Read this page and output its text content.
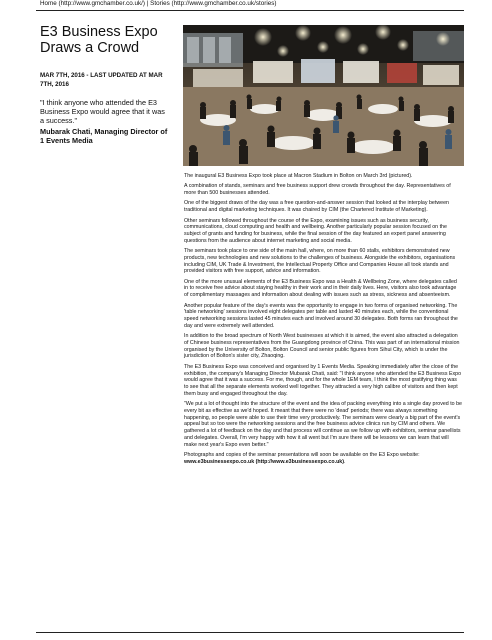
Home (http://www.gmchamber.co.uk/) | Stories (http://www.gmchamber.co.uk/stories)
E3 Business Expo Draws a Crowd
MAR 7TH, 2016 - LAST UPDATED AT MAR 7TH, 2016
"I think anyone who attended the E3 Business Expo would agree that it was a success."
Mubarak Chati, Managing Director of 1 Events Media

The inaugural E3 Business Expo took place at Macron Stadium in Bolton on March 3rd (pictured).

A combination of stands, seminars and free business support drew crowds throughout the day. Representatives of more than 500 businesses attended.

One of the biggest draws of the day was a free question-and-answer session that looked at the interplay between traditional and digital marketing techniques. It was chaired by CIM (the Chartered Institute of Marketing).

Other seminars followed throughout the course of the Expo, examining issues such as business security, communications, cloud computing and health and wellbeing. Another particularly popular session focused on the subject of grants and funding for business, while the final session of the day featured an expert panel answering questions from the audience about internet marketing and social media.

The seminars took place to one side of the main hall, where, on more than 60 stalls, exhibitors demonstrated new products, new technologies and new solutions to the challenges of business. Alongside the exhibitors, organisations including CIM, UK Trade & Investment, the Intellectual Property Office and Companies House all took stands and provided visitors with free support, advice and information.

One of the more unusual elements of the E3 Business Expo was a Health & Wellbeing Zone, where delegates called in to receive free advice about staying healthy in their work and in their daily lives. Here, visitors also took advantage of complimentary massages and information about dealing with issues such as stress, sickness and absenteeism.

Another popular feature of the day's events was the opportunity to engage in two forms of organised networking. The 'table networking' sessions involved eight delegates per table and lasted 40 minutes each, while the conventional speed networking sessions lasted 45 minutes each and involved around 30 delegates. Both forms ran throughout the day and were extremely well attended.

In addition to the broad spectrum of North West businesses at which it is aimed, the event also attracted a delegation of Chinese business representatives from the Guangdong province of China. This was part of an international mission organised by the University of Bolton, Bolton Council and senior public figures from Sihui City, which is under the jurisdiction of Bolton's sister city, Zhaoqing.

The E3 Business Expo was conceived and organised by 1 Events Media. Speaking immediately after the close of the exhibition, the company's Managing Director Mubarak Chati, said: "I think anyone who attended the E3 Business Expo would agree that it was a success. For me, though, and for the whole 1EM team, I think the most gratifying thing was to see that all the separate elements worked well together. They attracted a very high calibre of visitors and then kept them busy and engaged throughout the day.

"We put a lot of thought into the structure of the event and the idea of packing everything into a single day proved to be every bit as effective as we'd hoped. It meant that there were no 'dead' periods; there was always something happening, so people were able to use their time very productively. The seminars were clearly a big part of the event's appeal but so too were the networking sessions and the free business advice clinics run by CIM and others. We gathered a lot of feedback on the day and that process will continue as we follow up with exhibitors, seminar panellists and delegates. Overall, I'm very happy with how it all went but I'm sure there will be lessons we can learn that will make next year's Expo even better."

Photographs and copies of the seminar presentations will soon be available on the E3 Expo website: www.e3businessexpo.co.uk (http://www.e3businessexpo.co.uk).
